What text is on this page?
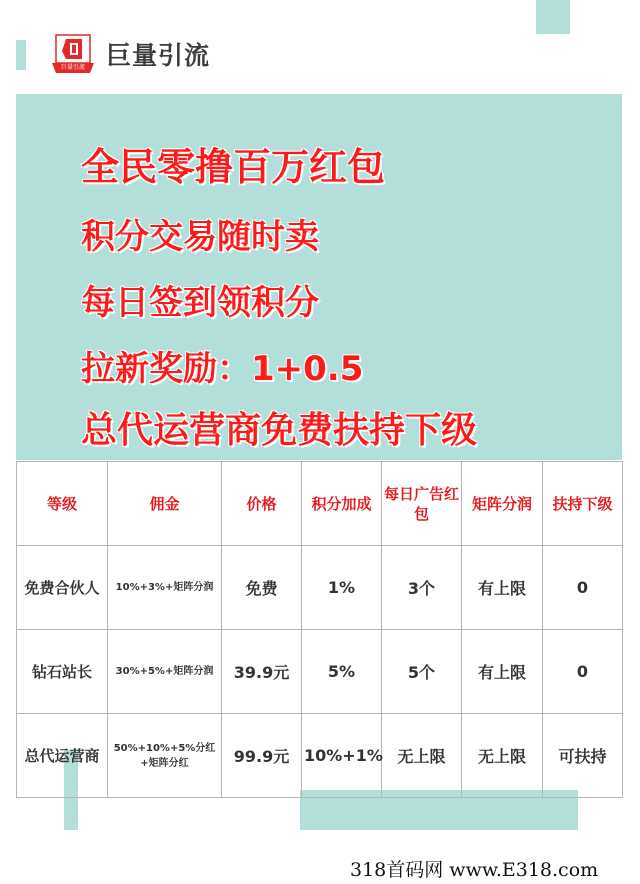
巨量引流 巨量引流
全民零撸百万红包
积分交易随时卖
每日签到领积分
拉新奖励：1+0.5
总代运营商免费扶持下级
等级	佣金	价格	积分加成	每日广告红包	矩阵分润	扶持下级
免费合伙人	10%+3%+矩阵分润	免费	1%	3个	有上限	0
钻石站长	30%+5%+矩阵分润	39.9元	5%	5个	有上限	0
总代运营商	50%+10%+5%分红+矩阵分红	99.9元	10%+1%	无上限	无上限	可扶持
318首码网 www.E318.com
